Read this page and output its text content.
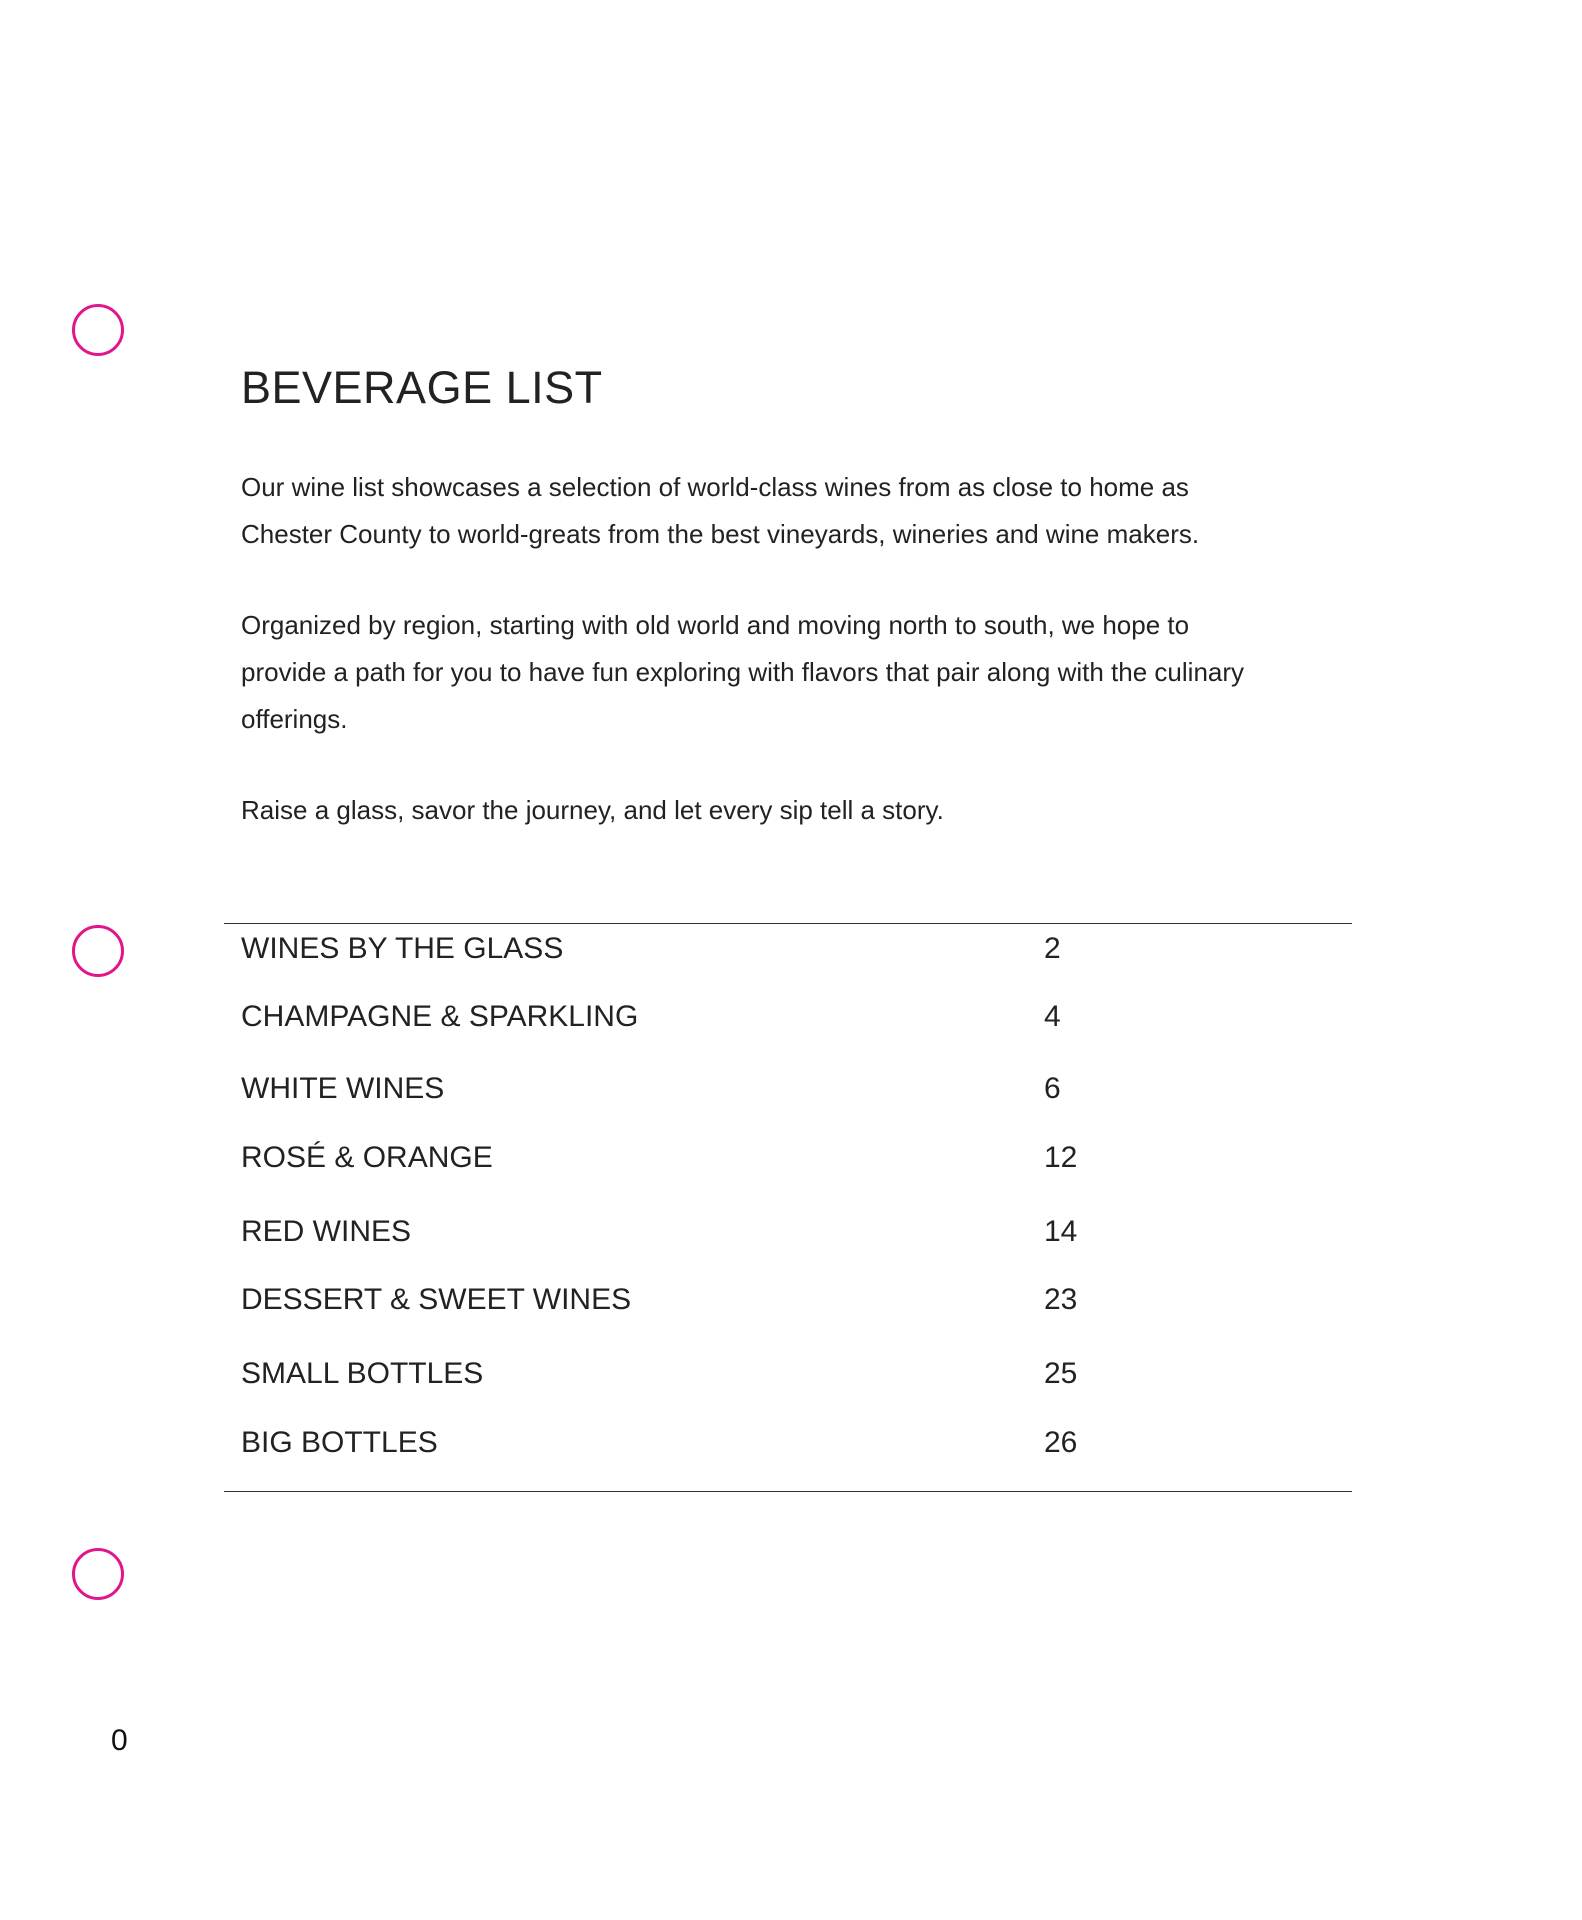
BEVERAGE LIST

Our wine list showcases a selection of world-class wines from as close to home as Chester County to world-greats from the best vineyards, wineries and wine makers.

Organized by region, starting with old world and moving north to south, we hope to provide a path for you to have fun exploring with flavors that pair along with the culinary offerings.

Raise a glass, savor the journey, and let every sip tell a story.

WINES BY THE GLASS	2
CHAMPAGNE & SPARKLING	4
WHITE WINES	6
ROSÉ & ORANGE	12
RED WINES	14
DESSERT & SWEET WINES	23
SMALL BOTTLES	25
BIG BOTTLES	26
0
